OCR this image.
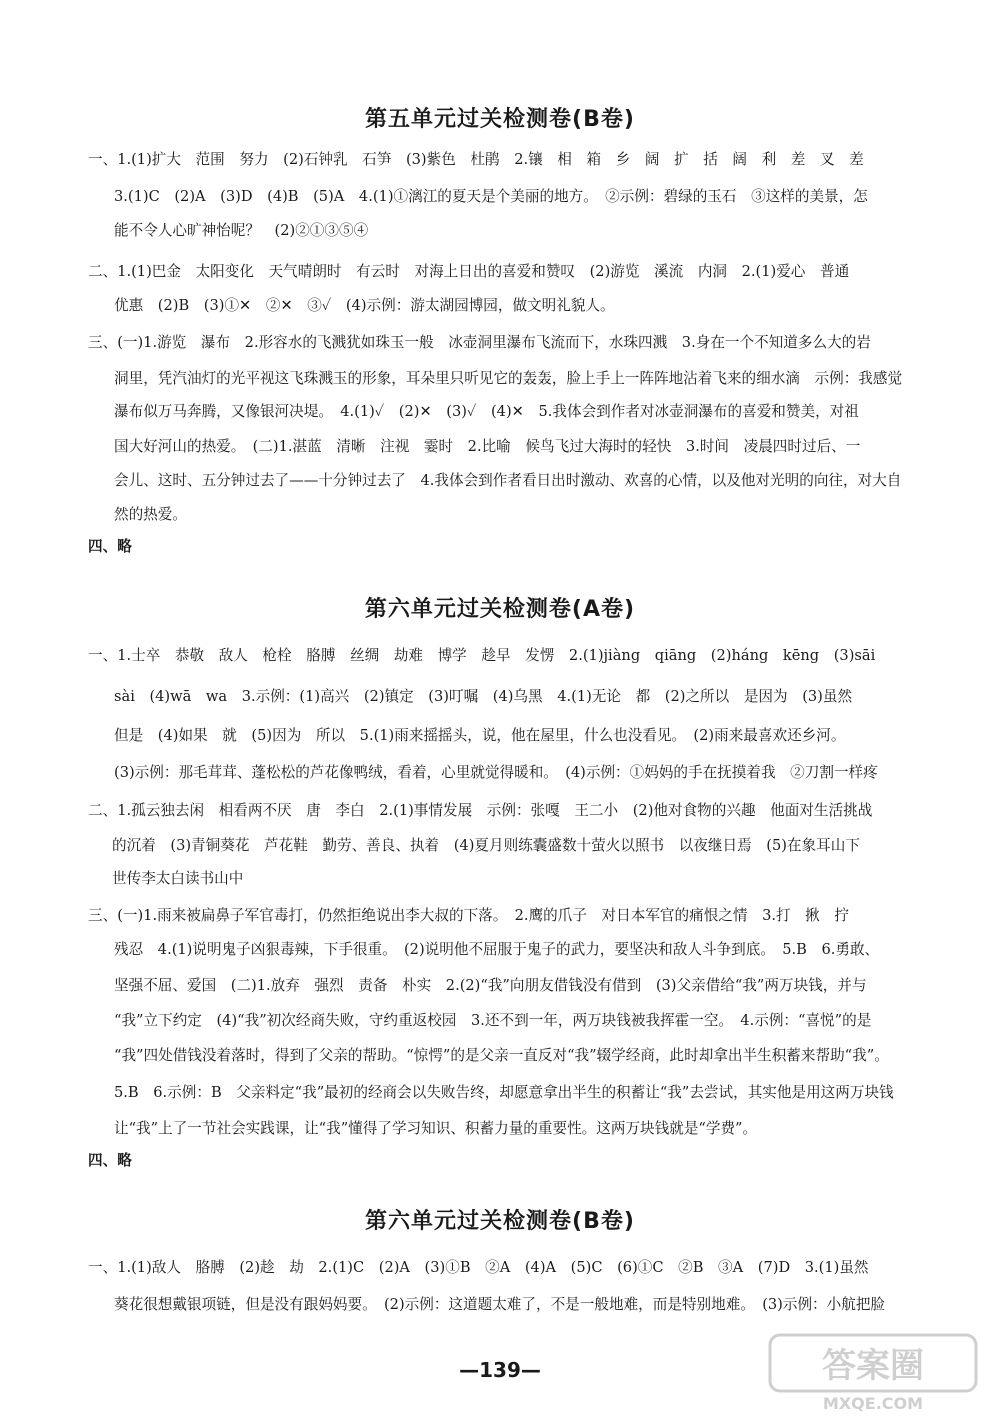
第五单元过关检测卷(B卷)
一、1.(1)扩大　范围　努力　(2)石钟乳　石笋　(3)紫色　杜鹃　2.镶　相　箱　乡　阔　扩　括　阔　利　差　叉　差
3.(1)C　(2)A　(3)D　(4)B　(5)A　4.(1)①漓江的夏天是个美丽的地方。　②示例：碧绿的玉石　③这样的美景，怎
能不令人心旷神怡呢？　(2)②①③⑤④
二、1.(1)巴金　太阳变化　天气晴朗时　有云时　对海上日出的喜爱和赞叹　(2)游览　溪流　内洞　2.(1)爱心　普通
优惠　(2)B　(3)①✕　②✕　③✓　(4)示例：游太湖园博园，做文明礼貌人。
三、(一)1.游览　瀑布　2.形容水的飞溅犹如珠玉一般　冰壶洞里瀑布飞流而下，水珠四溅　3.身在一个不知道多么大的岩
洞里，凭汽油灯的光平视这飞珠溅玉的形象，耳朵里只听见它的轰轰，脸上手上一阵阵地沾着飞来的细水滴　示例：我感觉
瀑布似万马奔腾，又像银河决堤。　4.(1)✓　(2)✕　(3)✓　(4)✕　5.我体会到作者对冰壶洞瀑布的喜爱和赞美，对祖
国大好河山的热爱。　(二)1.湛蓝　清晰　注视　霎时　2.比喻　候鸟飞过大海时的轻快　3.时间　凌晨四时过后、一
会儿、这时、五分钟过去了——十分钟过去了　4.我体会到作者看日出时激动、欢喜的心情，以及他对光明的向往，对大自
然的热爱。
四、略
第六单元过关检测卷(A卷)
一、1.士卒　恭敬　敌人　枪栓　胳膊　丝绸　劫难　博学　趁早　发愣　2.(1)jiàng　qiāng　(2)háng　kēng　(3)sāi
sài　(4)wā　wa　3.示例：(1)高兴　(2)镇定　(3)叮嘱　(4)乌黑　4.(1)无论　都　(2)之所以　是因为　(3)虽然
但是　(4)如果　就　(5)因为　所以　5.(1)雨来摇摇头，说，他在屋里，什么也没看见。　(2)雨来最喜欢还乡河。
(3)示例：那毛茸茸、蓬松松的芦花像鸭绒，看着，心里就觉得暖和。　(4)示例：①妈妈的手在抚摸着我　②刀割一样疼
二、1.孤云独去闲　相看两不厌　唐　李白　2.(1)事情发展　示例：张嘎　王二小　(2)他对食物的兴趣　他面对生活挑战
的沉着　(3)青铜葵花　芦花鞋　勤劳、善良、执着　(4)夏月则练囊盛数十萤火以照书　以夜继日焉　(5)在象耳山下
世传李太白读书山中
三、(一)1.雨来被扁鼻子军官毒打，仍然拒绝说出李大叔的下落。　2.鹰的爪子　对日本军官的痛恨之情　3.打　揪　拧
残忍　4.(1)说明鬼子凶狠毒辣，下手很重。　(2)说明他不屈服于鬼子的武力，要坚决和敌人斗争到底。　5.B　6.勇敢、
坚强不屈、爱国　(二)1.放弃　强烈　责备　朴实　2.(2)“我”向朋友借钱没有借到　(3)父亲借给“我”两万块钱，并与
“我”立下约定　(4)“我”初次经商失败，守约重返校园　3.还不到一年，两万块钱被我挥霍一空。　4.示例：“喜悦”的是
“我”四处借钱没着落时，得到了父亲的帮助。“惊愕”的是父亲一直反对“我”辍学经商，此时却拿出半生积蓄来帮助“我”。
5.B　6.示例：B　父亲料定“我”最初的经商会以失败告终，却愿意拿出半生的积蓄让“我”去尝试，其实他是用这两万块钱
让“我”上了一节社会实践课，让“我”懂得了学习知识、积蓄力量的重要性。这两万块钱就是“学费”。
四、略
第六单元过关检测卷(B卷)
一、1.(1)敌人　胳膊　(2)趁　劫　2.(1)C　(2)A　(3)①B　②A　(4)A　(5)C　(6)①C　②B　③A　(7)D　3.(1)虽然
葵花很想戴银项链，但是没有跟妈妈要。　(2)示例：这道题太难了，不是一般地难，而是特别地难。　(3)示例：小航把脸
—139—	答案圈
MXQE.COM
